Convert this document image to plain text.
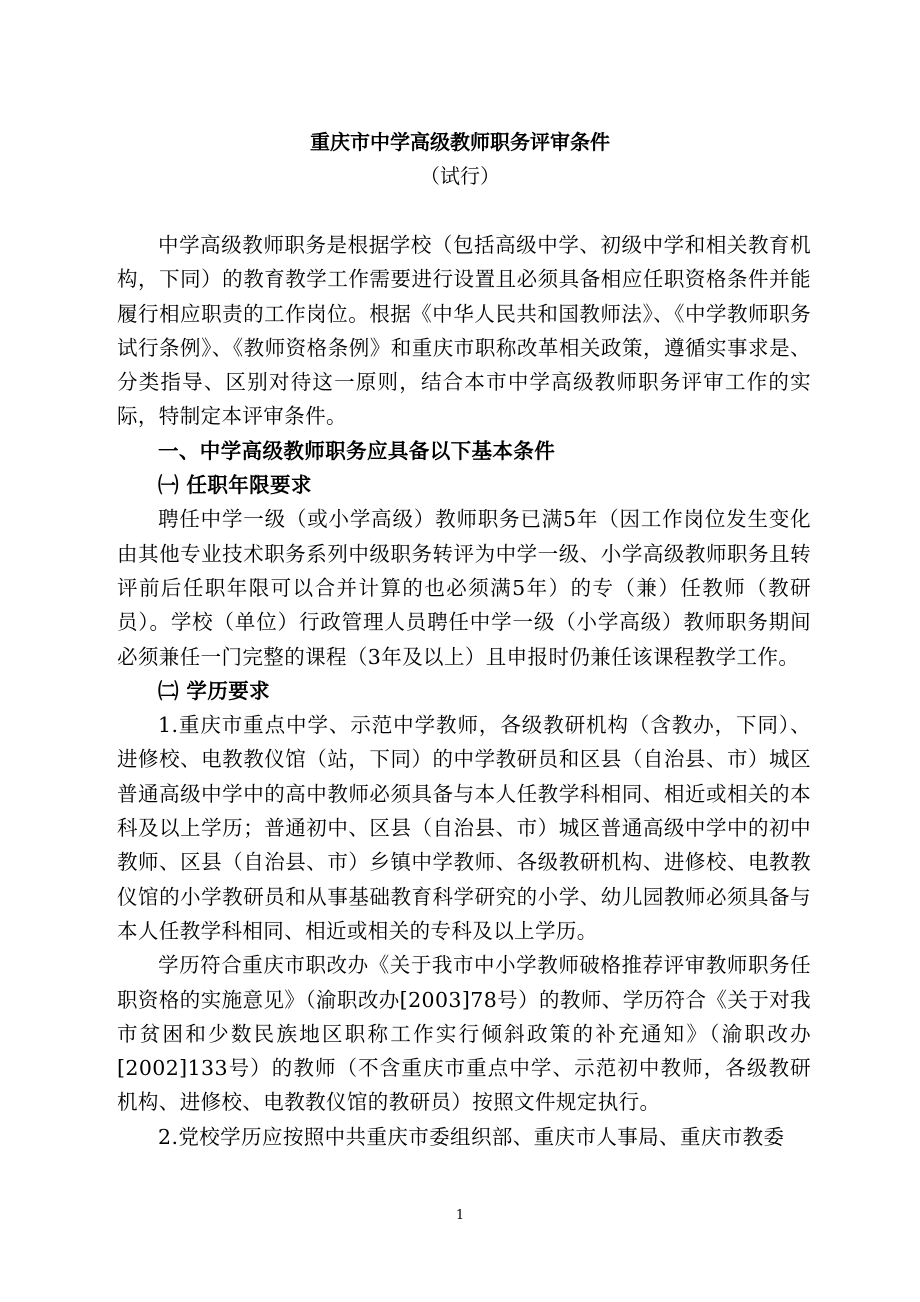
重庆市中学高级教师职务评审条件
（试行）

中学高级教师职务是根据学校（包括高级中学、初级中学和相关教育机构，下同）的教育教学工作需要进行设置且必须具备相应任职资格条件并能履行相应职责的工作岗位。根据《中华人民共和国教师法》、《中学教师职务试行条例》、《教师资格条例》和重庆市职称改革相关政策，遵循实事求是、分类指导、区别对待这一原则，结合本市中学高级教师职务评审工作的实际，特制定本评审条件。

一、中学高级教师职务应具备以下基本条件

㈠ 任职年限要求

聘任中学一级（或小学高级）教师职务已满5年（因工作岗位发生变化由其他专业技术职务系列中级职务转评为中学一级、小学高级教师职务且转评前后任职年限可以合并计算的也必须满5年）的专（兼）任教师（教研员）。学校（单位）行政管理人员聘任中学一级（小学高级）教师职务期间必须兼任一门完整的课程（3年及以上）且申报时仍兼任该课程教学工作。

㈡ 学历要求

1.重庆市重点中学、示范中学教师，各级教研机构（含教办，下同）、进修校、电教教仪馆（站，下同）的中学教研员和区县（自治县、市）城区普通高级中学中的高中教师必须具备与本人任教学科相同、相近或相关的本科及以上学历；普通初中、区县（自治县、市）城区普通高级中学中的初中教师、区县（自治县、市）乡镇中学教师、各级教研机构、进修校、电教教仪馆的小学教研员和从事基础教育科学研究的小学、幼儿园教师必须具备与本人任教学科相同、相近或相关的专科及以上学历。

学历符合重庆市职改办《关于我市中小学教师破格推荐评审教师职务任职资格的实施意见》（渝职改办[2003]78号）的教师、学历符合《关于对我市贫困和少数民族地区职称工作实行倾斜政策的补充通知》（渝职改办[2002]133号）的教师（不含重庆市重点中学、示范初中教师，各级教研机构、进修校、电教教仪馆的教研员）按照文件规定执行。

2.党校学历应按照中共重庆市委组织部、重庆市人事局、重庆市教委

1
